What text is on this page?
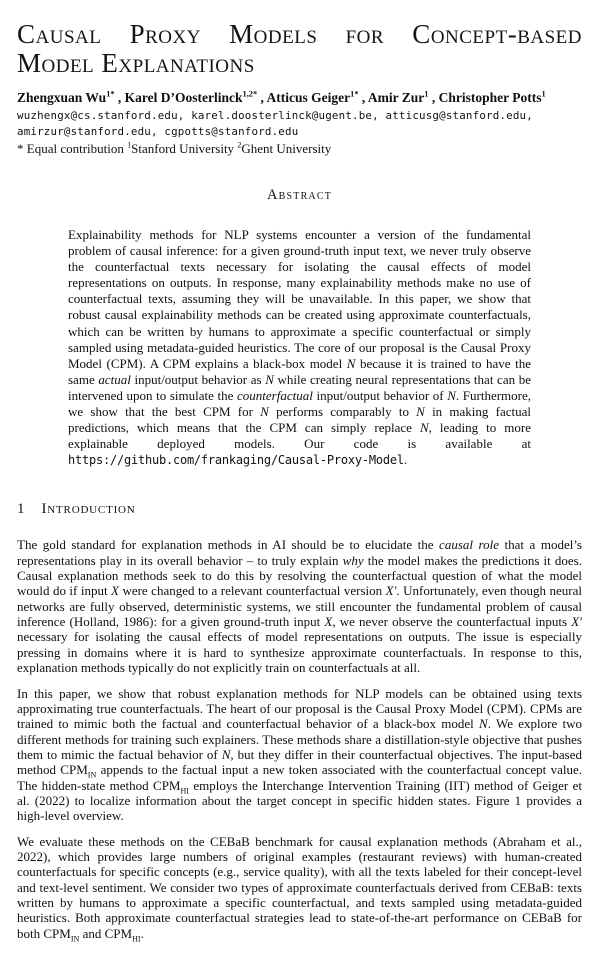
Causal Proxy Models for Concept-based
Model Explanations
Zhengxuan $Wu^{1*}$ , Karel D’Oosterlinck$^{1,2*}$ , Atticus Geiger$^{1*}$ , Amir Zur$^1$ , Christopher Potts$^1$
wuzhengx@cs.stanford.edu, karel.doosterlinck@ugent.be, atticusg@stanford.edu,
amirzur@stanford.edu, cgpotts@stanford.edu
* Equal contribution $^1$Stanford University $^2$Ghent University
Abstract
Explainability methods for NLP systems encounter a version of the fundamental problem of causal inference: for a given ground-truth input text, we never truly observe the counterfactual texts necessary for isolating the causal effects of model representations on outputs. In response, many explainability methods make no use of counterfactual texts, assuming they will be unavailable. In this paper, we show that robust causal explainability methods can be created using approximate counterfactuals, which can be written by humans to approximate a specific counterfactual or simply sampled using metadata-guided heuristics. The core of our proposal is the Causal Proxy Model (CPM). A CPM explains a black-box model N because it is trained to have the same actual input/output behavior as N while creating neural representations that can be intervened upon to simulate the counterfactual input/output behavior of N. Furthermore, we show that the best CPM for N performs comparably to N in making factual predictions, which means that the CPM can simply replace N, leading to more explainable deployed models. Our code is available at https://github.com/frankaging/Causal-Proxy-Model.
1 Introduction

The gold standard for explanation methods in AI should be to elucidate the causal role that a model’s representations play in its overall behavior – to truly explain why the model makes the predictions it does. Causal explanation methods seek to do this by resolving the counterfactual question of what the model would do if input X were changed to a relevant counterfactual version X′. Unfortunately, even though neural networks are fully observed, deterministic systems, we still encounter the fundamental problem of causal inference (Holland, 1986): for a given ground-truth input X, we never observe the counterfactual inputs X′ necessary for isolating the causal effects of model representations on outputs. The issue is especially pressing in domains where it is hard to synthesize approximate counterfactuals. In response to this, explanation methods typically do not explicitly train on counterfactuals at all.

In this paper, we show that robust explanation methods for NLP models can be obtained using texts approximating true counterfactuals. The heart of our proposal is the Causal Proxy Model (CPM). CPMs are trained to mimic both the factual and counterfactual behavior of a black-box model N. We explore two different methods for training such explainers. These methods share a distillation-style objective that pushes them to mimic the factual behavior of N, but they differ in their counterfactual objectives. The input-based method $CPM_{IN}$ appends to the factual input a new token associated with the counterfactual concept value. The hidden-state method $CPM_{HI}$ employs the Interchange Intervention Training (IIT) method of Geiger et al. (2022) to localize information about the target concept in specific hidden states. Figure 1 provides a high-level overview.

We evaluate these methods on the CEBaB benchmark for causal explanation methods (Abraham et al., 2022), which provides large numbers of original examples (restaurant reviews) with human-created counterfactuals for specific concepts (e.g., service quality), with all the texts labeled for their concept-level and text-level sentiment. We consider two types of approximate counterfactuals derived from CEBaB: texts written by humans to approximate a specific counterfactual, and texts sampled using metadata-guided heuristics. Both approximate counterfactual strategies lead to state-of-the-art performance on CEBaB for both $CPM_{IN}$ and $CPM_{HI}$.
